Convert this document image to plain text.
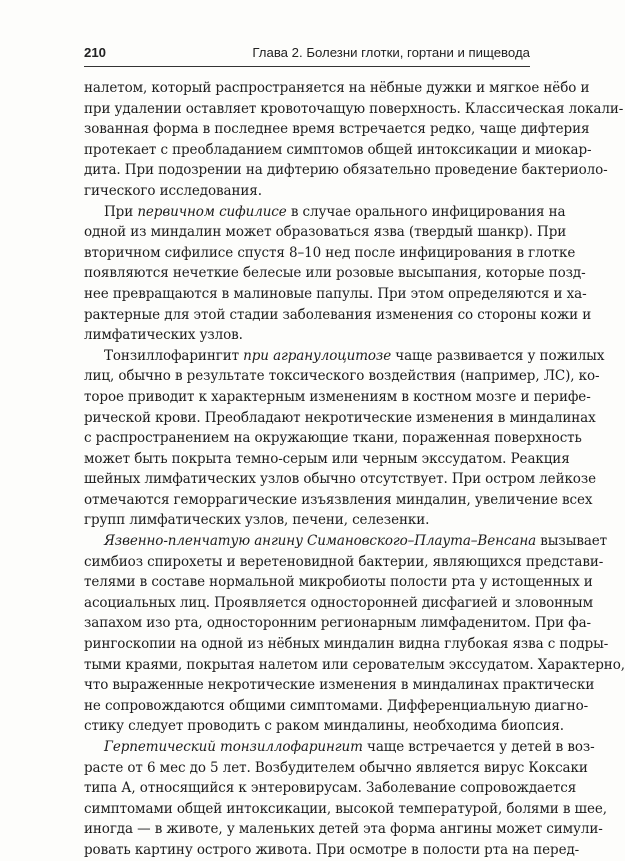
210	Глава 2. Болезни глотки, гортани и пищевода
налетом, который распространяется на нёбные дужки и мягкое нёбо и
при удалении оставляет кровоточащую поверхность. Классическая локали-
зованная форма в последнее время встречается редко, чаще дифтерия
протекает с преобладанием симптомов общей интоксикации и миокар-
дита. При подозрении на дифтерию обязательно проведение бактериоло-
гического исследования.
При первичном сифилисе в случае орального инфицирования на
одной из миндалин может образоваться язва (твердый шанкр). При
вторичном сифилисе спустя 8–10 нед после инфицирования в глотке
появляются нечеткие белесые или розовые высыпания, которые позд-
нее превращаются в малиновые папулы. При этом определяются и ха-
рактерные для этой стадии заболевания изменения со стороны кожи и
лимфатических узлов.
Тонзиллофарингит при агранулоцитозе чаще развивается у пожилых
лиц, обычно в результате токсического воздействия (например, ЛС), ко-
торое приводит к характерным изменениям в костном мозге и перифе-
рической крови. Преобладают некротические изменения в миндалинах
с распространением на окружающие ткани, пораженная поверхность
может быть покрыта темно-серым или черным экссудатом. Реакция
шейных лимфатических узлов обычно отсутствует. При остром лейкозе
отмечаются геморрагические изъязвления миндалин, увеличение всех
групп лимфатических узлов, печени, селезенки.
Язвенно-пленчатую ангину Симановского–Плаута–Венсана вызывает
симбиоз спирохеты и веретеновидной бактерии, являющихся представи-
телями в составе нормальной микробиоты полости рта у истощенных и
асоциальных лиц. Проявляется односторонней дисфагией и зловонным
запахом изо рта, односторонним регионарным лимфаденитом. При фа-
рингоскопии на одной из нёбных миндалин видна глубокая язва с подры-
тыми краями, покрытая налетом или серователым экссудатом. Характерно,
что выраженные некротические изменения в миндалинах практически
не сопровождаются общими симптомами. Дифференциальную диагно-
стику следует проводить с раком миндалины, необходима биопсия.
Герпетический тонзиллофарингит чаще встречается у детей в воз-
расте от 6 мес до 5 лет. Возбудителем обычно является вирус Коксаки
типа А, относящийся к энтеровирусам. Заболевание сопровождается
симптомами общей интоксикации, высокой температурой, болями в шее,
иногда — в животе, у маленьких детей эта форма ангины может симули-
ровать картину острого живота. При осмотре в полости рта на перед-
